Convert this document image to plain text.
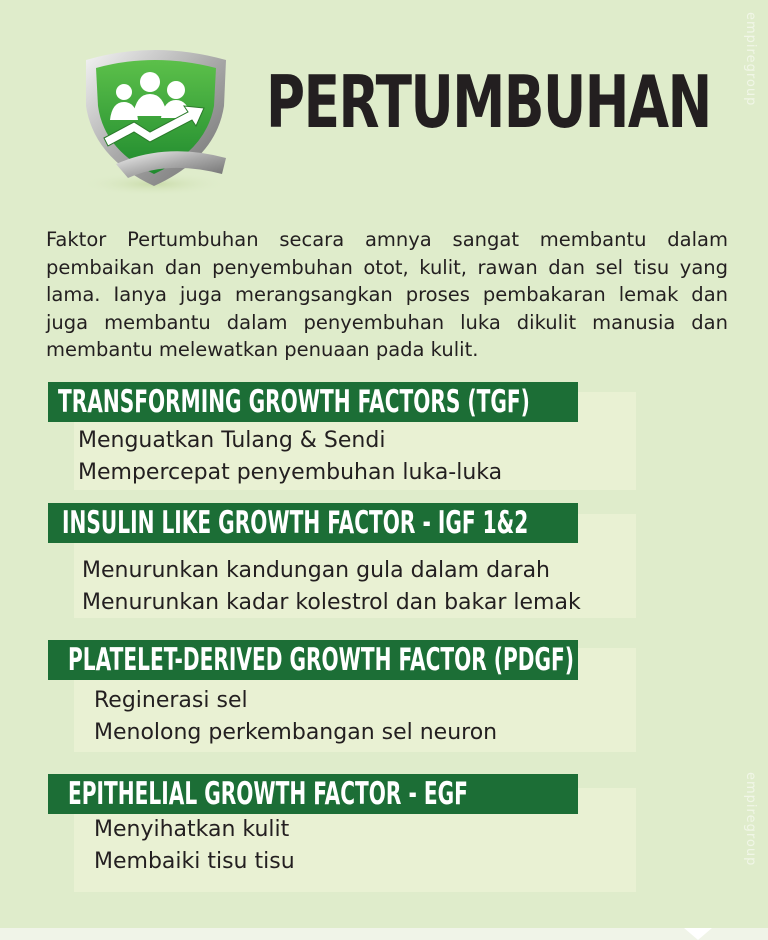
empiregroup
empiregroup
PERTUMBUHAN

Faktor Pertumbuhan secara amnya sangat membantu dalam pembaikan dan penyembuhan otot, kulit, rawan dan sel tisu yang lama. Ianya juga merangsangkan proses pembakaran lemak dan juga membantu dalam penyembuhan luka dikulit manusia dan membantu melewatkan penuaan pada kulit.

TRANSFORMING GROWTH FACTORS (TGF)
Menguatkan Tulang & Sendi
Mempercepat penyembuhan luka-luka
INSULIN LIKE GROWTH FACTOR - IGF 1&2
Menurunkan kandungan gula dalam darah
Menurunkan kadar kolestrol dan bakar lemak
PLATELET-DERIVED GROWTH FACTOR (PDGF)
Reginerasi sel
Menolong perkembangan sel neuron
EPITHELIAL GROWTH FACTOR - EGF
Menyihatkan kulit
Membaiki tisu tisu
